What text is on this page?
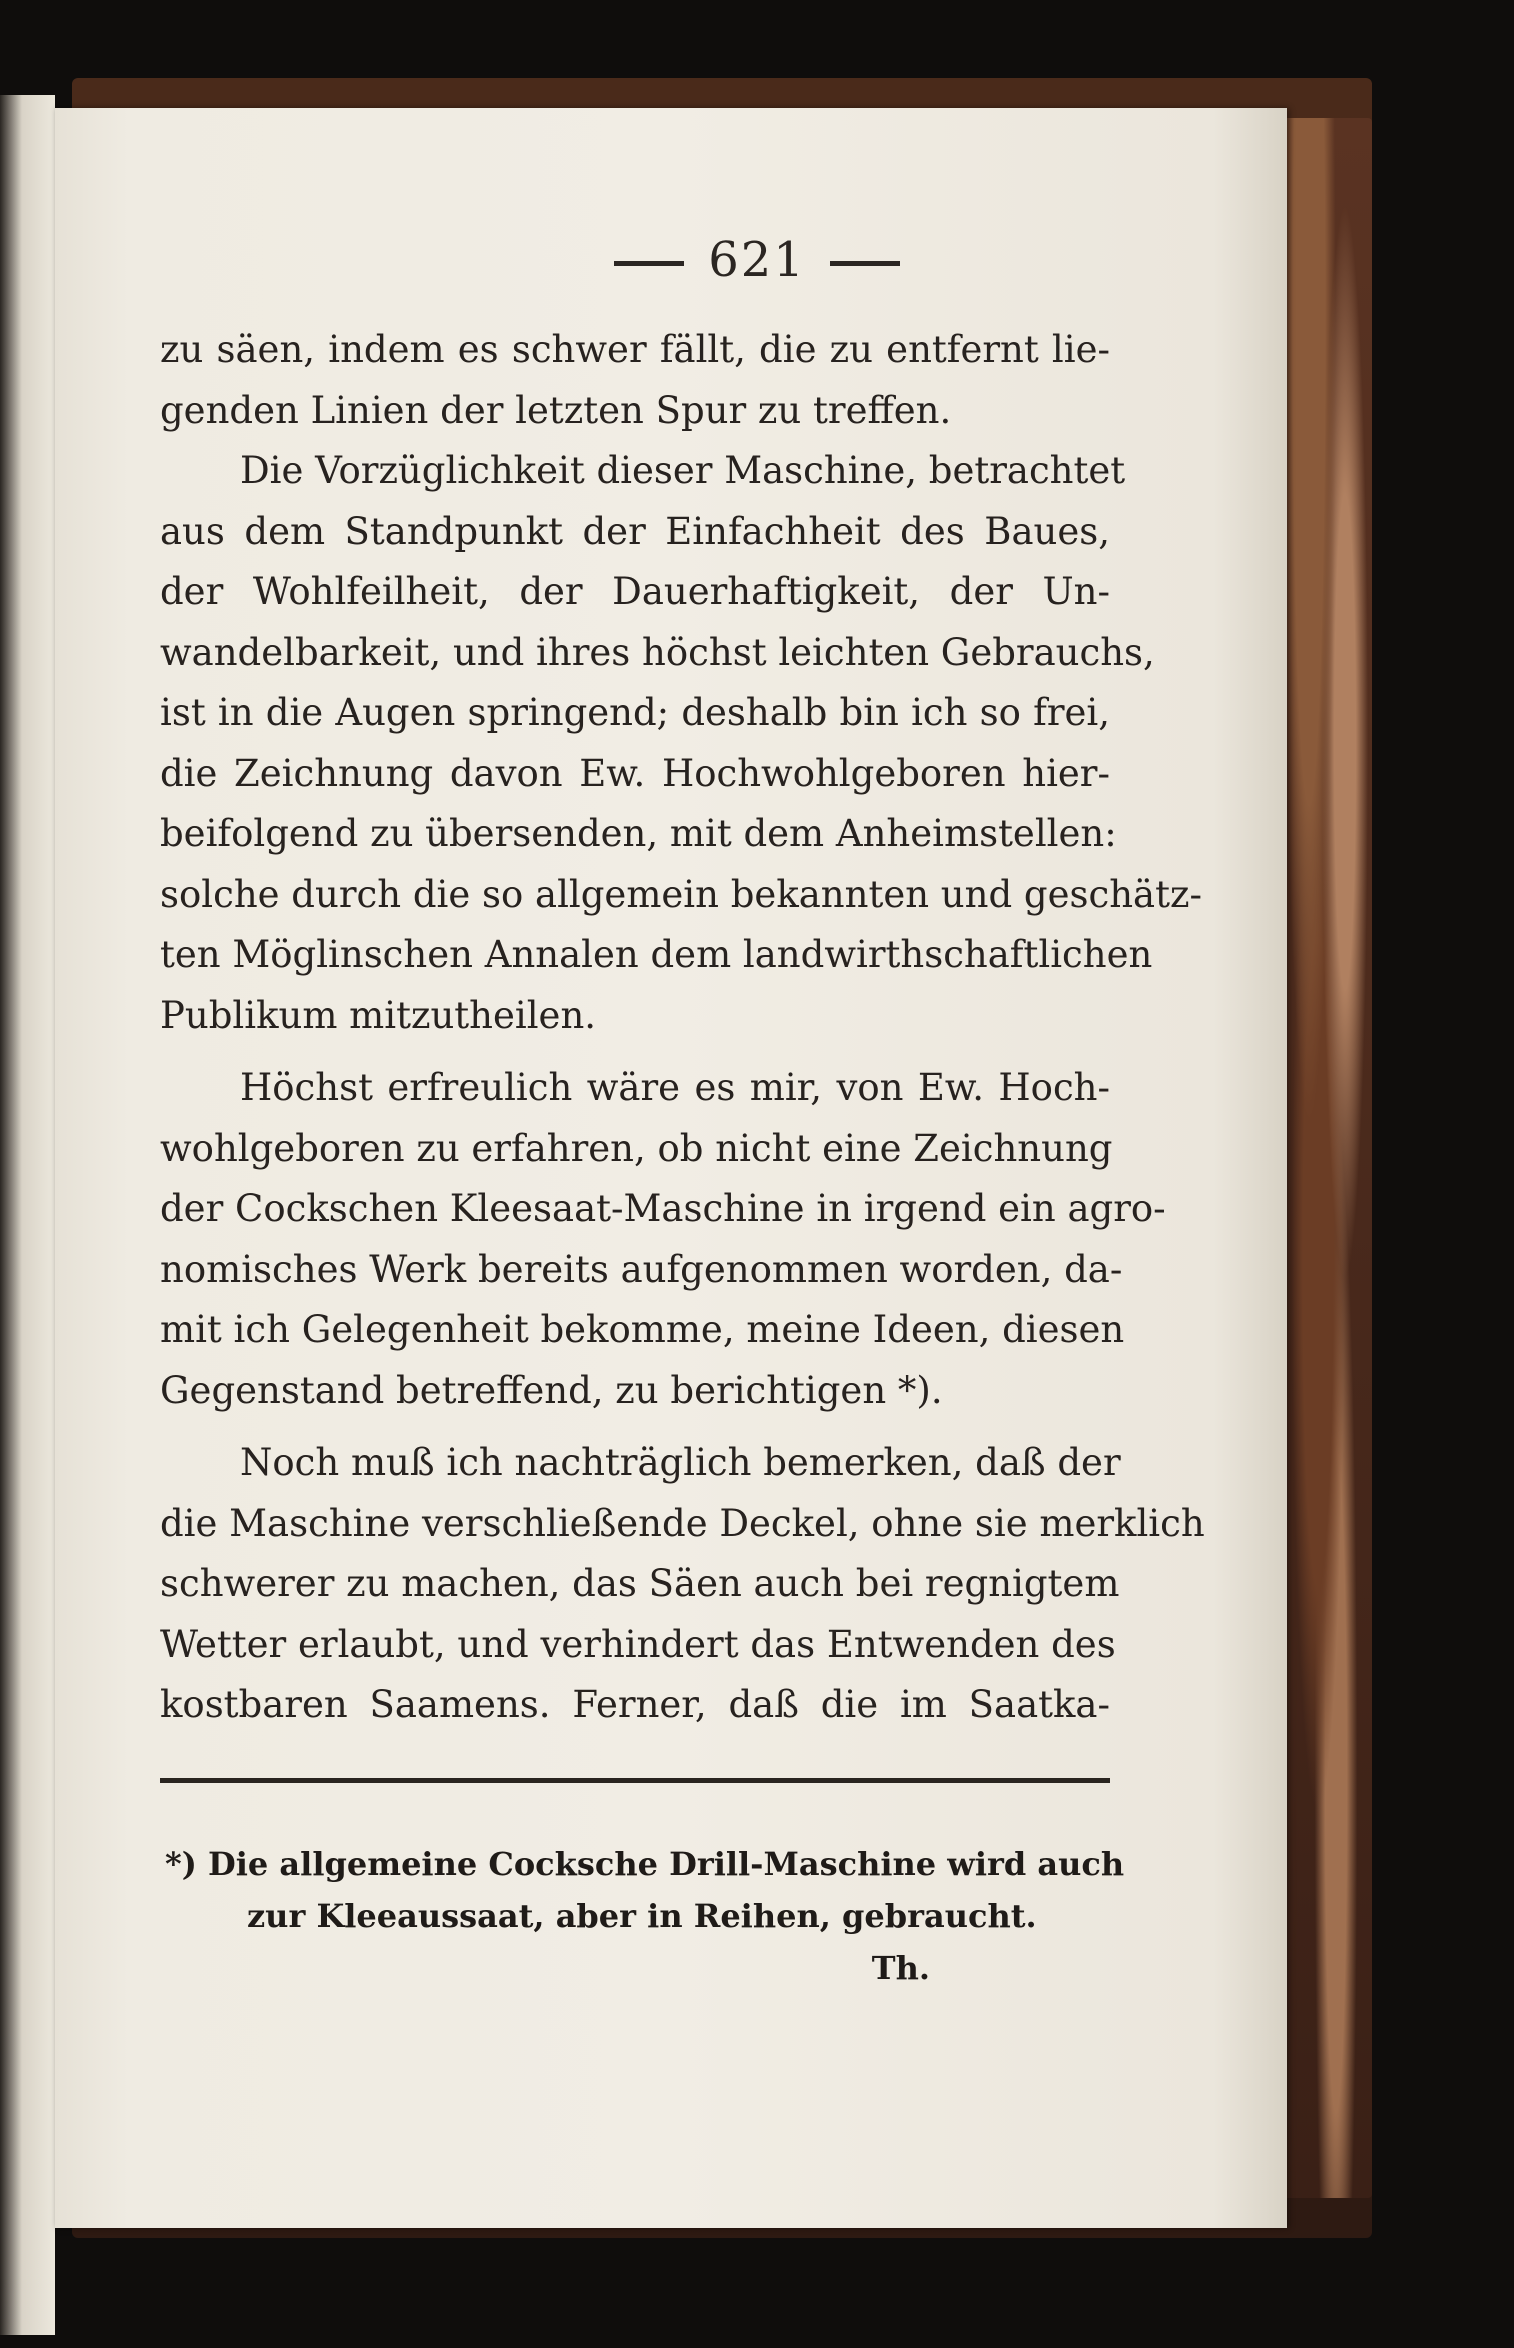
621
zu säen, indem es schwer fällt, die zu entfernt lie-
genden Linien der letzten Spur zu treffen.
Die Vorzüglichkeit dieser Maschine, betrachtet
aus dem Standpunkt der Einfachheit des Baues,
der Wohlfeilheit, der Dauerhaftigkeit, der Un-
wandelbarkeit, und ihres höchst leichten Gebrauchs,
ist in die Augen springend; deshalb bin ich so frei,
die Zeichnung davon Ew. Hochwohlgeboren hier-
beifolgend zu übersenden, mit dem Anheimstellen:
solche durch die so allgemein bekannten und geschätz-
ten Möglinschen Annalen dem landwirthschaftlichen
Publikum mitzutheilen.
Höchst erfreulich wäre es mir, von Ew. Hoch-
wohlgeboren zu erfahren, ob nicht eine Zeichnung
der Cockschen Kleesaat-Maschine in irgend ein agro-
nomisches Werk bereits aufgenommen worden, da-
mit ich Gelegenheit bekomme, meine Ideen, diesen
Gegenstand betreffend, zu berichtigen *).
Noch muß ich nachträglich bemerken, daß der
die Maschine verschließende Deckel, ohne sie merklich
schwerer zu machen, das Säen auch bei regnigtem
Wetter erlaubt, und verhindert das Entwenden des
kostbaren Saamens. Ferner, daß die im Saatka-
*) Die allgemeine Cocksche Drill-Maschine wird auch
zur Kleeaussaat, aber in Reihen, gebraucht.
Th.
